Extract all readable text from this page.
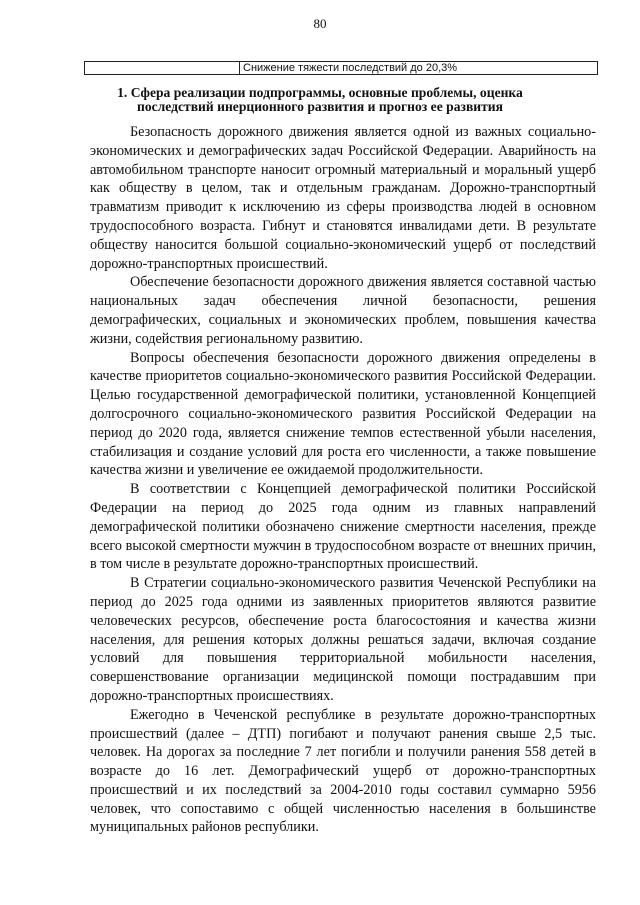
80
Снижение тяжести последствий до 20,3%
1. Сфера реализации подпрограммы, основные проблемы, оценка последствий инерционного развития и прогноз ее развития

Безопасность дорожного движения является одной из важных социально-экономических и демографических задач Российской Федерации. Аварийность на автомобильном транспорте наносит огромный материальный и моральный ущерб как обществу в целом, так и отдельным гражданам. Дорожно-транспортный травматизм приводит к исключению из сферы производства людей в основном трудоспособного возраста. Гибнут и становятся инвалидами дети. В результате обществу наносится большой социально-экономический ущерб от последствий дорожно-транспортных происшествий.

Обеспечение безопасности дорожного движения является составной частью национальных задач обеспечения личной безопасности, решения демографических, социальных и экономических проблем, повышения качества жизни, содействия региональному развитию.

Вопросы обеспечения безопасности дорожного движения определены в качестве приоритетов социально-экономического развития Российской Федерации. Целью государственной демографической политики, установленной Концепцией долгосрочного социально-экономического развития Российской Федерации на период до 2020 года, является снижение темпов естественной убыли населения, стабилизация и создание условий для роста его численности, а также повышение качества жизни и увеличение ее ожидаемой продолжительности.

В соответствии с Концепцией демографической политики Российской Федерации на период до 2025 года одним из главных направлений демографической политики обозначено снижение смертности населения, прежде всего высокой смертности мужчин в трудоспособном возрасте от внешних причин, в том числе в результате дорожно-транспортных происшествий.

В Стратегии социально-экономического развития Чеченской Республики на период до 2025 года одними из заявленных приоритетов являются развитие человеческих ресурсов, обеспечение роста благосостояния и качества жизни населения, для решения которых должны решаться задачи, включая создание условий для повышения территориальной мобильности населения, совершенствование организации медицинской помощи пострадавшим при дорожно-транспортных происшествиях.

Ежегодно в Чеченской республике в результате дорожно-транспортных происшествий (далее – ДТП) погибают и получают ранения свыше 2,5 тыс. человек. На дорогах за последние 7 лет погибли и получили ранения 558 детей в возрасте до 16 лет. Демографический ущерб от дорожно-транспортных происшествий и их последствий за 2004-2010 годы составил суммарно 5956 человек, что сопоставимо с общей численностью населения в большинстве муниципальных районов республики.
